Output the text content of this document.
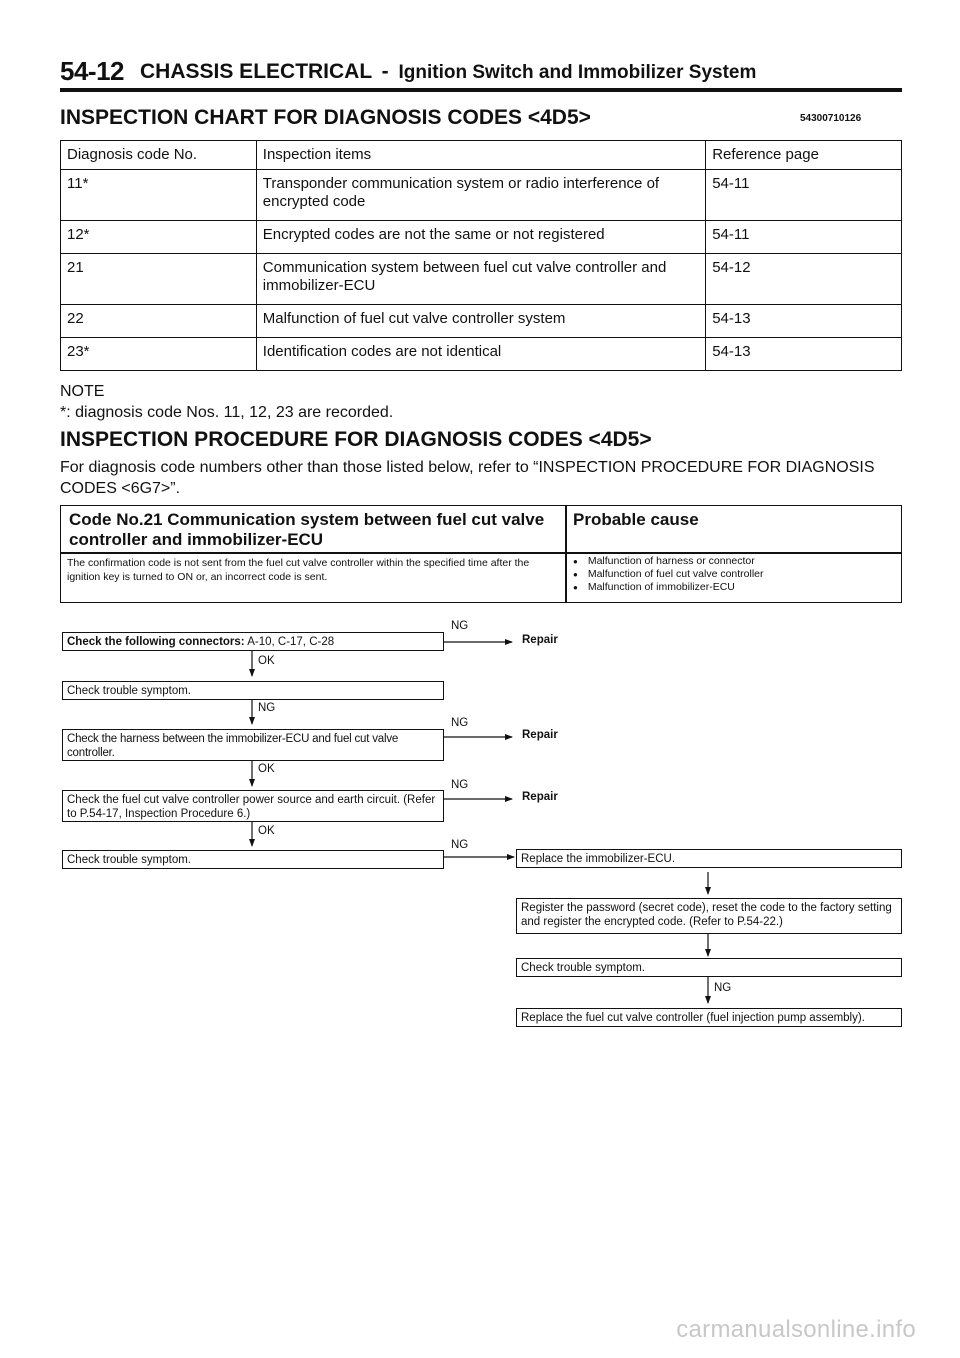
54-12 CHASSIS ELECTRICAL - Ignition Switch and Immobilizer System
INSPECTION CHART FOR DIAGNOSIS CODES <4D5>	54300710126
Diagnosis code No.	Inspection items	Reference page
11*	Transponder communication system or radio interference of encrypted code	54-11
12*	Encrypted codes are not the same or not registered	54-11
21	Communication system between fuel cut valve controller and immobilizer-ECU	54-12
22	Malfunction of fuel cut valve controller system	54-13
23*	Identification codes are not identical	54-13
NOTE
*: diagnosis code Nos. 11, 12, 23 are recorded.
INSPECTION PROCEDURE FOR DIAGNOSIS CODES <4D5>
For diagnosis code numbers other than those listed below, refer to “INSPECTION PROCEDURE FOR DIAGNOSIS CODES <6G7>”.
Code No.21 Communication system between fuel cut valve controller and immobilizer-ECU
Probable cause
The confirmation code is not sent from the fuel cut valve controller within the specified time after the ignition key is turned to ON or, an incorrect code is sent.
● Malfunction of harness or connector
● Malfunction of fuel cut valve controller
● Malfunction of immobilizer-ECU
Check the following connectors: A-10, C-17, C-28
Check trouble symptom.
Check the harness between the immobilizer-ECU and fuel cut valve controller.
Check the fuel cut valve controller power source and earth circuit. (Refer to P.54-17, Inspection Procedure 6.)
Check trouble symptom.	Replace the immobilizer-ECU.
Register the password (secret code), reset the code to the factory setting and register the encrypted code. (Refer to P.54-22.)
Check trouble symptom.
Replace the fuel cut valve controller (fuel injection pump assembly).
NG
Repair
OK
NG
NG
Repair
OK
NG
Repair
OK
NG
NG
carmanualsonline.info
